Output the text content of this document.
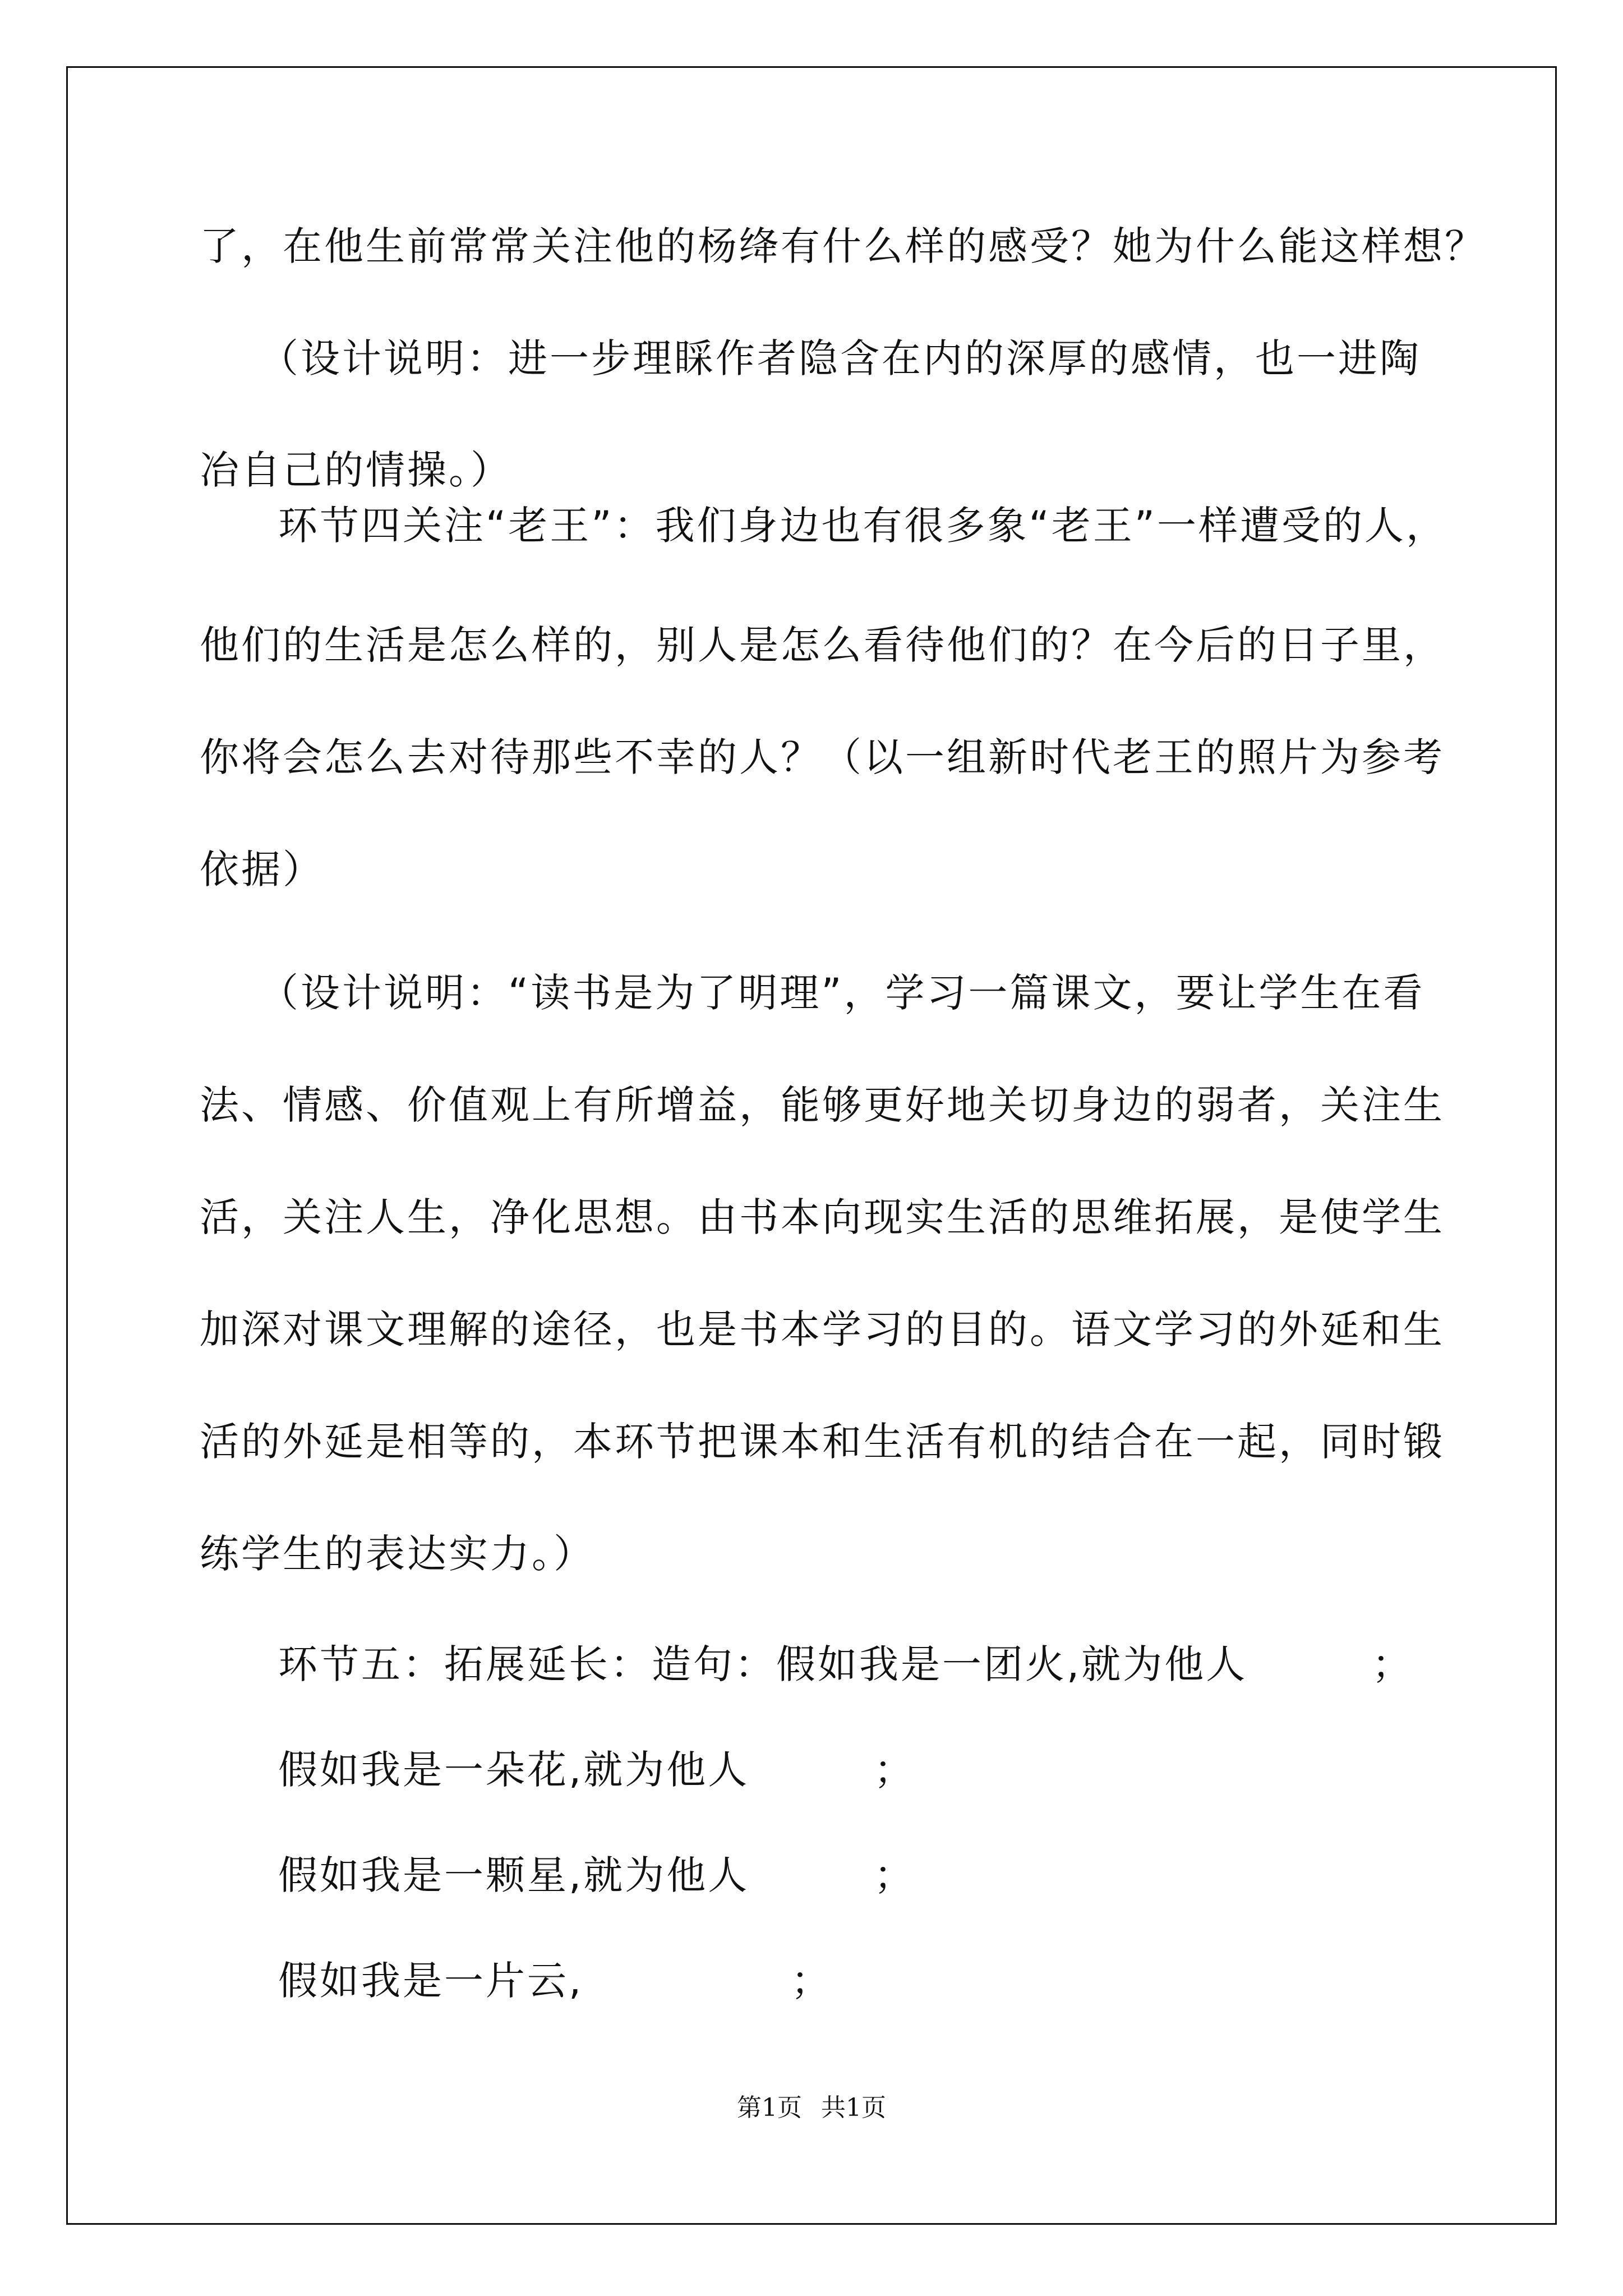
了，在他生前常常关注他的杨绛有什么样的感受？她为什么能这样想？
（设计说明：进一步理睬作者隐含在内的深厚的感情，也一进陶
冶自己的情操。）
环节四关注“老王”：我们身边也有很多象“老王”一样遭受的人，
他们的生活是怎么样的，别人是怎么看待他们的？在今后的日子里，
你将会怎么去对待那些不幸的人？（以一组新时代老王的照片为参考
依据）
（设计说明：“读书是为了明理”，学习一篇课文，要让学生在看
法、情感、价值观上有所增益，能够更好地关切身边的弱者，关注生
活，关注人生，净化思想。由书本向现实生活的思维拓展，是使学生
加深对课文理解的途径，也是书本学习的目的。语文学习的外延和生
活的外延是相等的，本环节把课本和生活有机的结合在一起，同时锻
练学生的表达实力。）
环节五：拓展延长：造句：假如我是一团火,就为他人　　　；
假如我是一朵花,就为他人　　　；
假如我是一颗星,就为他人　　　；
假如我是一片云,　　　　　；
第1页 共1页
